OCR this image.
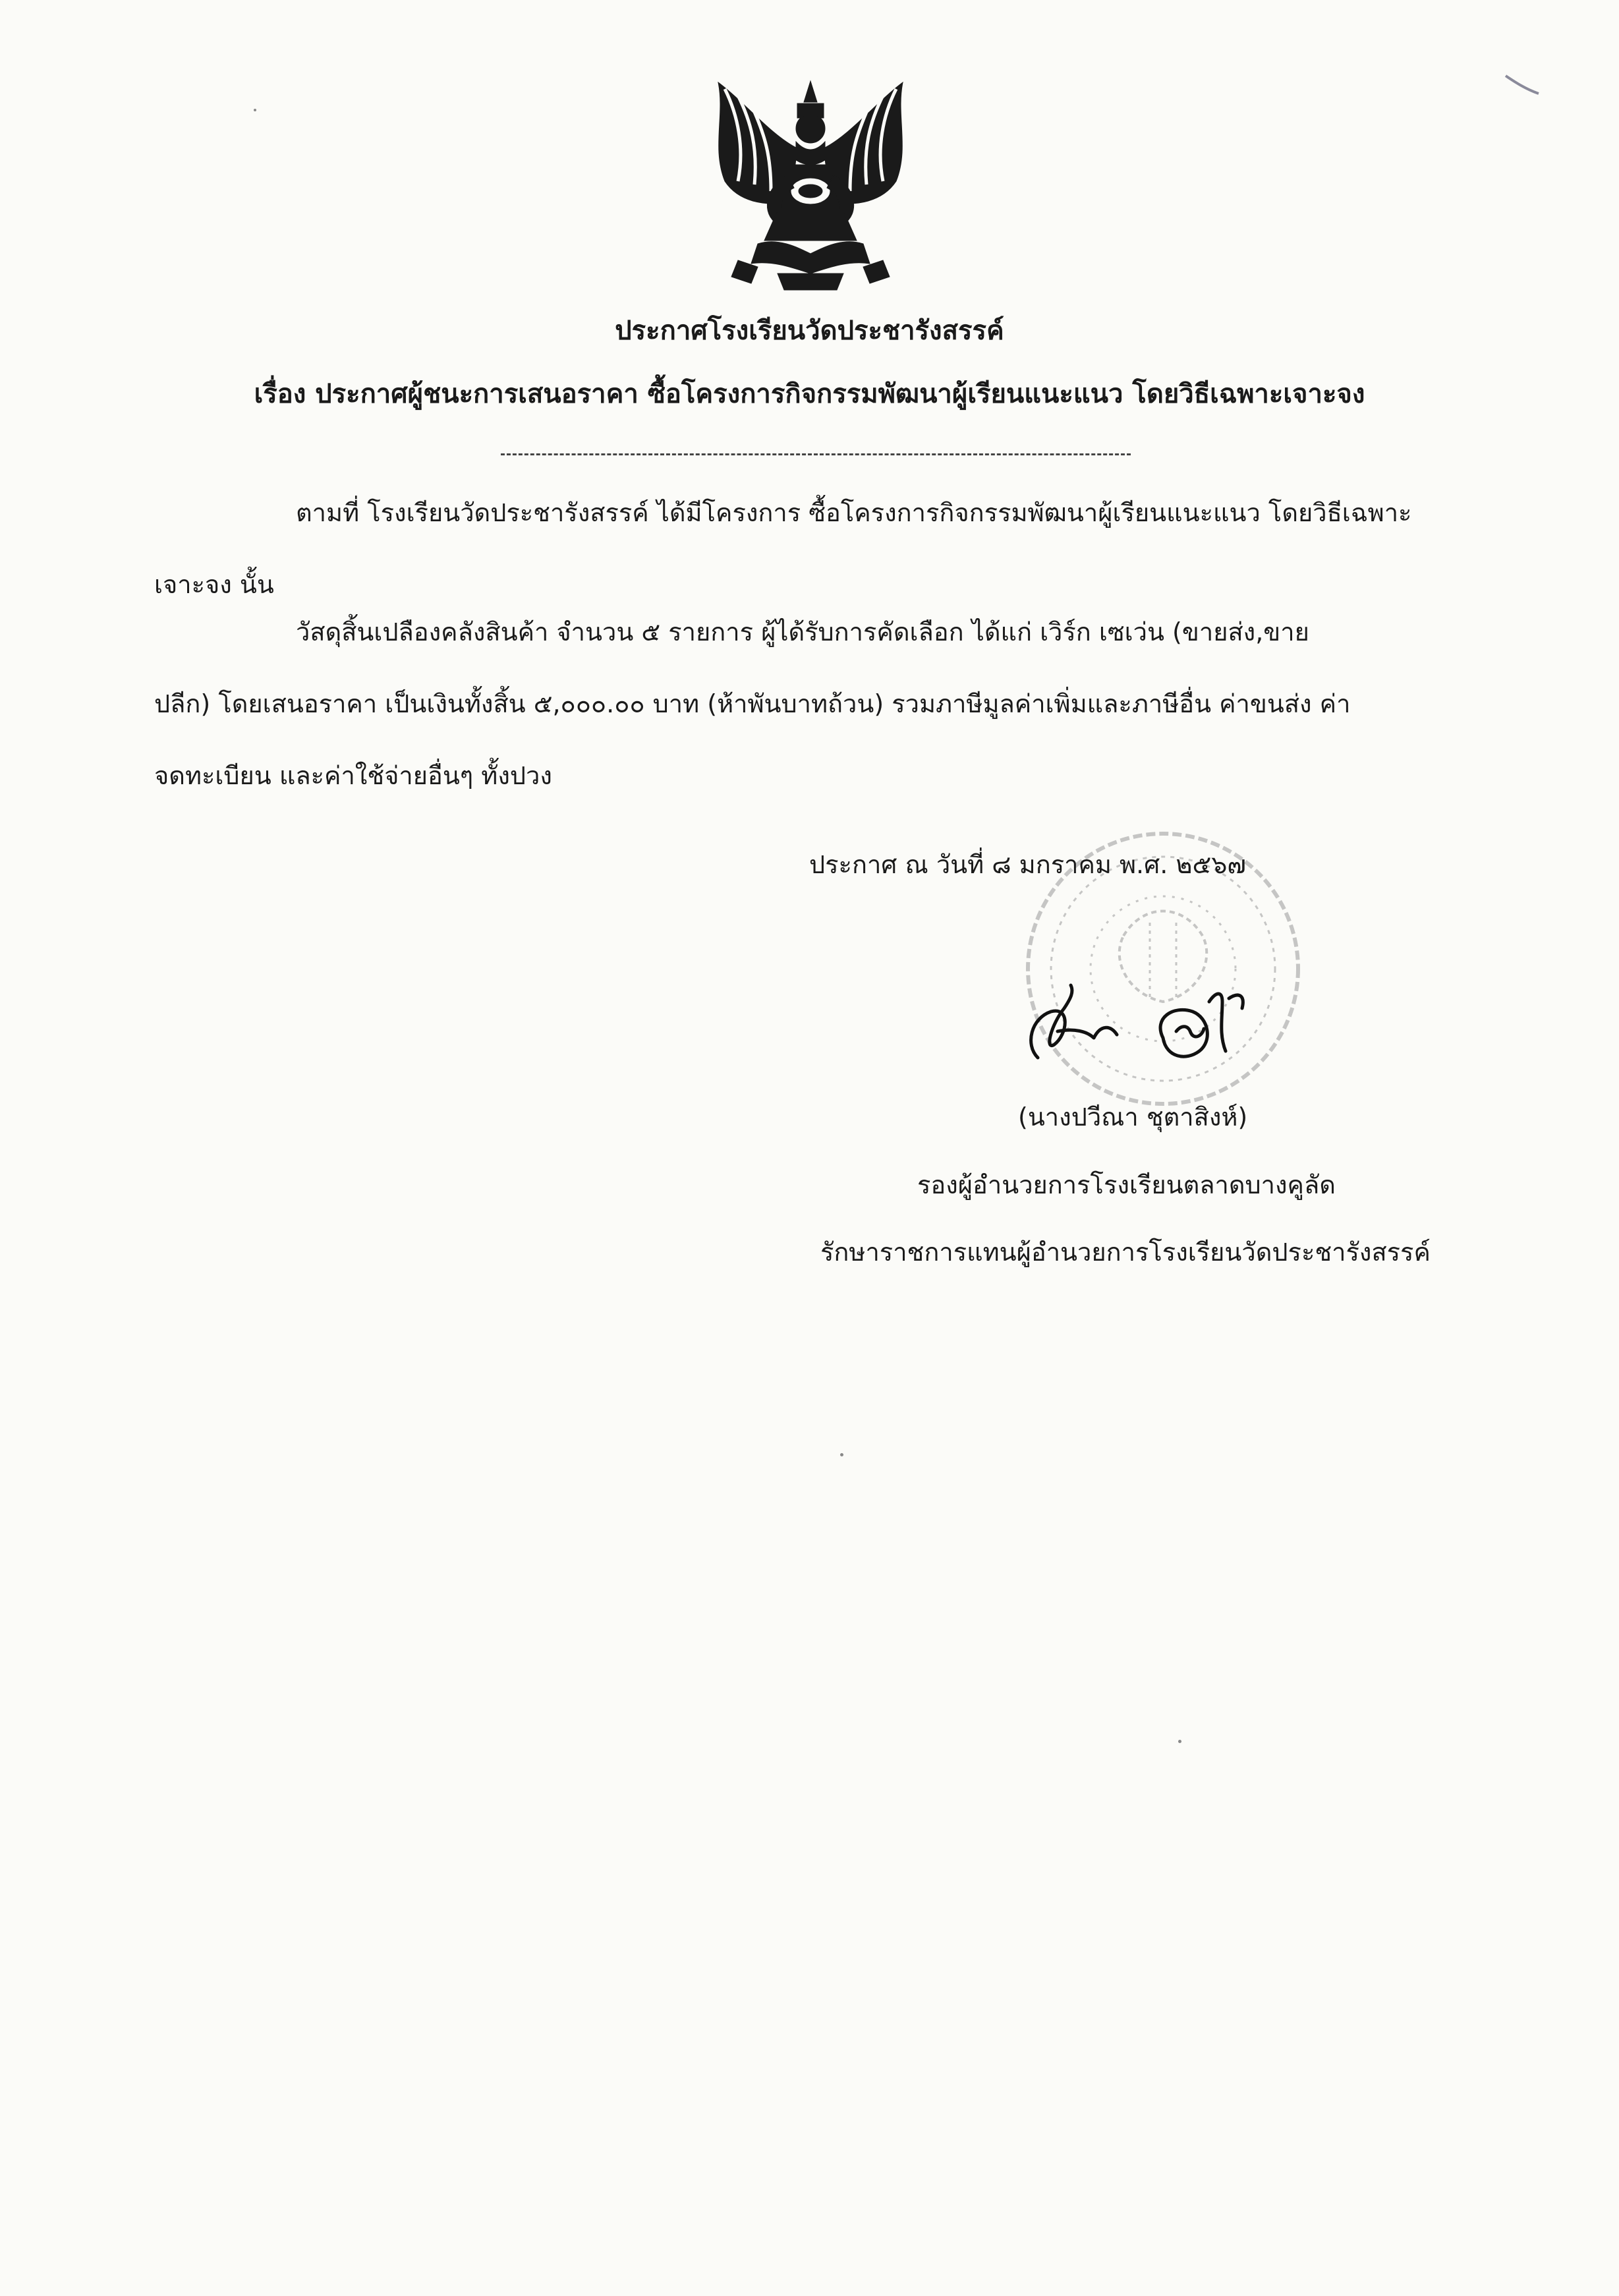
ประกาศโรงเรียนวัดประชารังสรรค์
เรื่อง ประกาศผู้ชนะการเสนอราคา ซื้อโครงการกิจกรรมพัฒนาผู้เรียนแนะแนว โดยวิธีเฉพาะเจาะจง
ตามที่ โรงเรียนวัดประชารังสรรค์ ได้มีโครงการ ซื้อโครงการกิจกรรมพัฒนาผู้เรียนแนะแนว โดยวิธีเฉพาะ
เจาะจง นั้น
วัสดุสิ้นเปลืองคลังสินค้า จำนวน ๕ รายการ ผู้ได้รับการคัดเลือก ได้แก่ เวิร์ก เซเว่น (ขายส่ง,ขาย
ปลีก) โดยเสนอราคา เป็นเงินทั้งสิ้น ๕,๐๐๐.๐๐ บาท (ห้าพันบาทถ้วน) รวมภาษีมูลค่าเพิ่มและภาษีอื่น ค่าขนส่ง ค่า
จดทะเบียน และค่าใช้จ่ายอื่นๆ ทั้งปวง
ประกาศ ณ วันที่ ๘ มกราคม พ.ศ. ๒๕๖๗
(นางปวีณา ชุตาสิงห์)
รองผู้อำนวยการโรงเรียนตลาดบางคูลัด
รักษาราชการแทนผู้อำนวยการโรงเรียนวัดประชารังสรรค์
